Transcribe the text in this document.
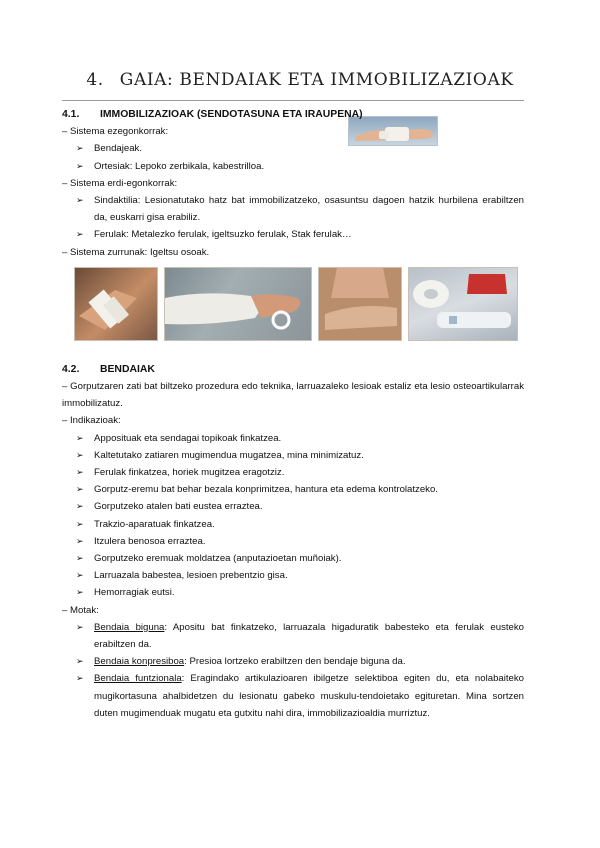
4. GAIA: BENDAIAK ETA IMMOBILIZAZIOAK

4.1. IMMOBILIZAZIOAK (SENDOTASUNA ETA IRAUPENA)

– Sistema ezegonkorrak:

➢ Bendajeak.
➢ Ortesiak: Lepoko zerbikala, kabestrilloa.

– Sistema erdi-egonkorrak:

➢ Sindaktilia: Lesionatutako hatz bat immobilizatzeko, osasuntsu dagoen hatzik hurbilena erabiltzen da, euskarri gisa erabiliz.
➢ Ferulak: Metalezko ferulak, igeltsuzko ferulak, Stak ferulak…

– Sistema zurrunak: Igeltsu osoak.

4.2. BENDAIAK

– Gorputzaren zati bat biltzeko prozedura edo teknika, larruazaleko lesioak estaliz eta lesio osteoartikularrak immobilizatuz.

– Indikazioak:

➢ Apposituak eta sendagai topikoak finkatzea.
➢ Kaltetutako zatiaren mugimendua mugatzea, mina minimizatuz.
➢ Ferulak finkatzea, horiek mugitzea eragotziz.
➢ Gorputz-eremu bat behar bezala konprimitzea, hantura eta edema kontrolatzeko.
➢ Gorputzeko atalen bati eustea erraztea.
➢ Trakzio-aparatuak finkatzea.
➢ Itzulera benosoa erraztea.
➢ Gorputzeko eremuak moldatzea (anputazioetan muñoiak).
➢ Larruazala babestea, lesioen prebentzio gisa.
➢ Hemorragiak eutsi.

– Motak:

➢ Bendaia biguna: Apositu bat finkatzeko, larruazala higaduratik babesteko eta ferulak eusteko erabiltzen da.
➢ Bendaia konpresiboa: Presioa lortzeko erabiltzen den bendaje biguna da.
➢ Bendaia funtzionala: Eragindako artikulazioaren ibilgetze selektiboa egiten du, eta nolabaiteko mugikortasuna ahalbidetzen du lesionatu gabeko muskulu-tendoietako egituretan. Mina sortzen duten mugimenduak mugatu eta gutxitu nahi dira, immobilizazioaldia murriztuz.
